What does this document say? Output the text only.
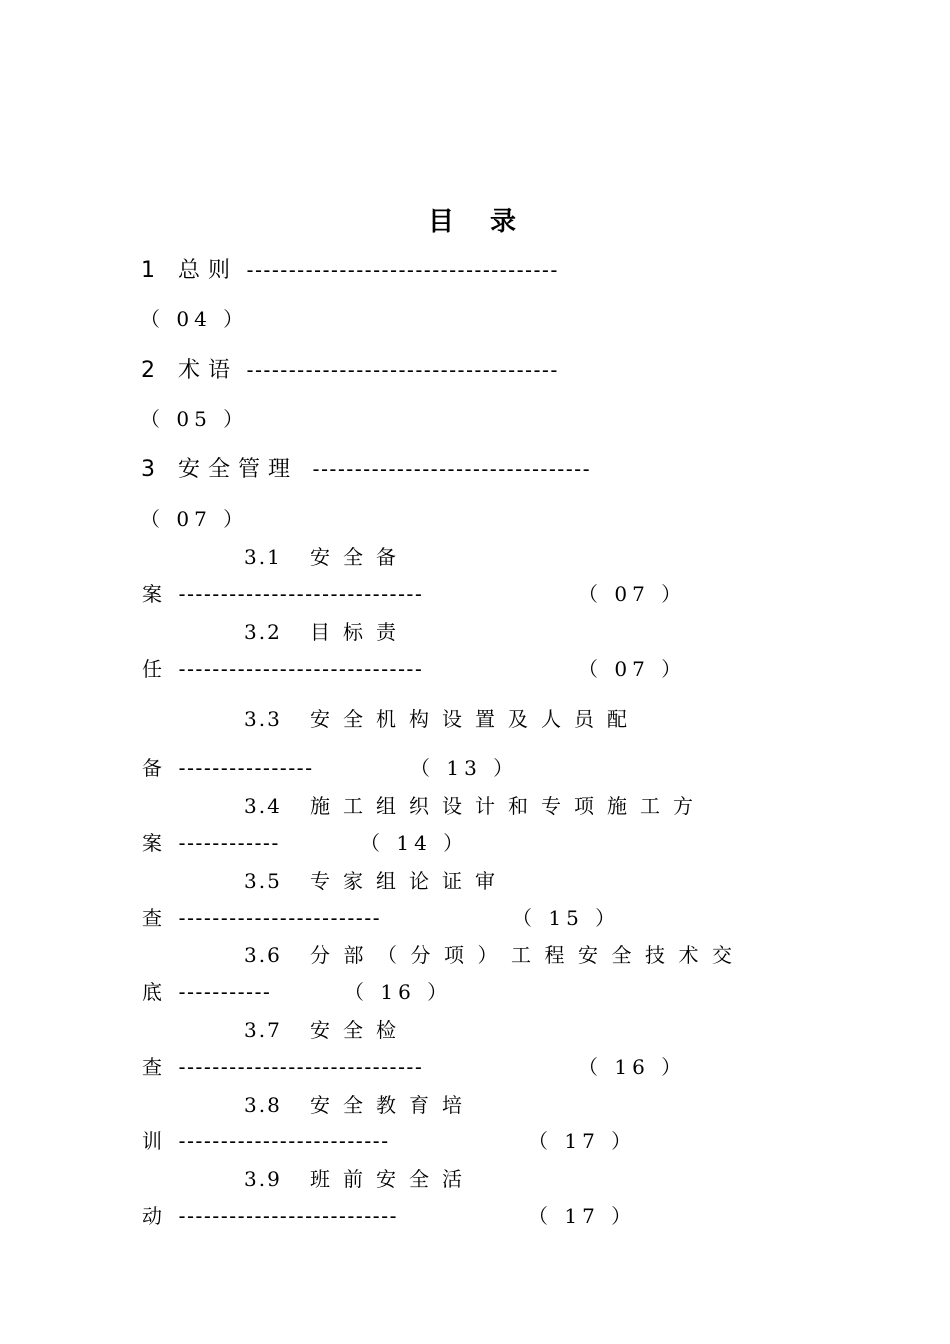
目录
1 总则 -------------------------------------
（ 04 ）
2 术语 -------------------------------------
（ 05 ）
3 安全管理 ---------------------------------
（ 07 ）
3.1 安全备
案 -----------------------------	（ 07 ）
3.2 目标责
任 -----------------------------	（ 07 ）
3.3 安全机构设置及人员配
备 ----------------	（ 13 ）
3.4 施工组织设计和专项施工方
案 ------------	（ 14 ）
3.5 专家组论证审
查 ------------------------	（ 15 ）
3.6 分部（分项）工程安全技术交
底 -----------	（ 16 ）
3.7 安全检
查 -----------------------------	（ 16 ）
3.8 安全教育培
训 -------------------------	（ 17 ）
3.9 班前安全活
动 --------------------------	（ 17 ）
